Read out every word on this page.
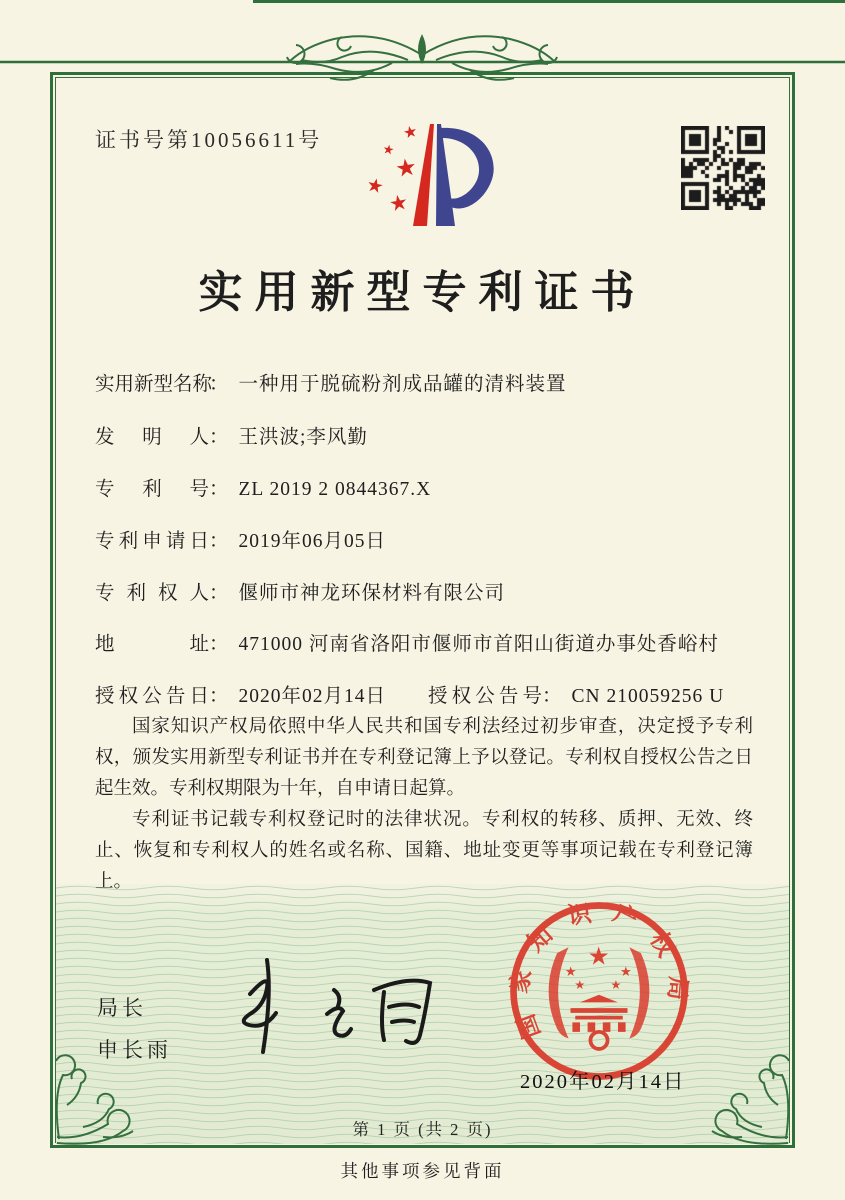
证书号第10056611号	★
★
★
★
★
实用新型专利证书
实用新型名称： 一种用于脱硫粉剂成品罐的清料装置
发明人： 王洪波;李风勤
专利号： ZL 2019 2 0844367.X
专利申请日： 2019年06月05日
专利权人： 偃师市神龙环保材料有限公司
地址： 471000 河南省洛阳市偃师市首阳山街道办事处香峪村
授权公告日： 2020年02月14日 授权公告号： CN 210059256 U

国家知识产权局依照中华人民共和国专利法经过初步审查，决定授予专利权，颁发实用新型专利证书并在专利登记簿上予以登记。专利权自授权公告之日起生效。专利权期限为十年，自申请日起算。

专利证书记载专利权登记时的法律状况。专利权的转移、质押、无效、终止、恢复和专利权人的姓名或名称、国籍、地址变更等事项记载在专利登记簿上。

局长
申长雨
国家知识产权局
★
★	★
★ ★
2020年02月14日
第 1 页 (共 2 页)
其他事项参见背面
